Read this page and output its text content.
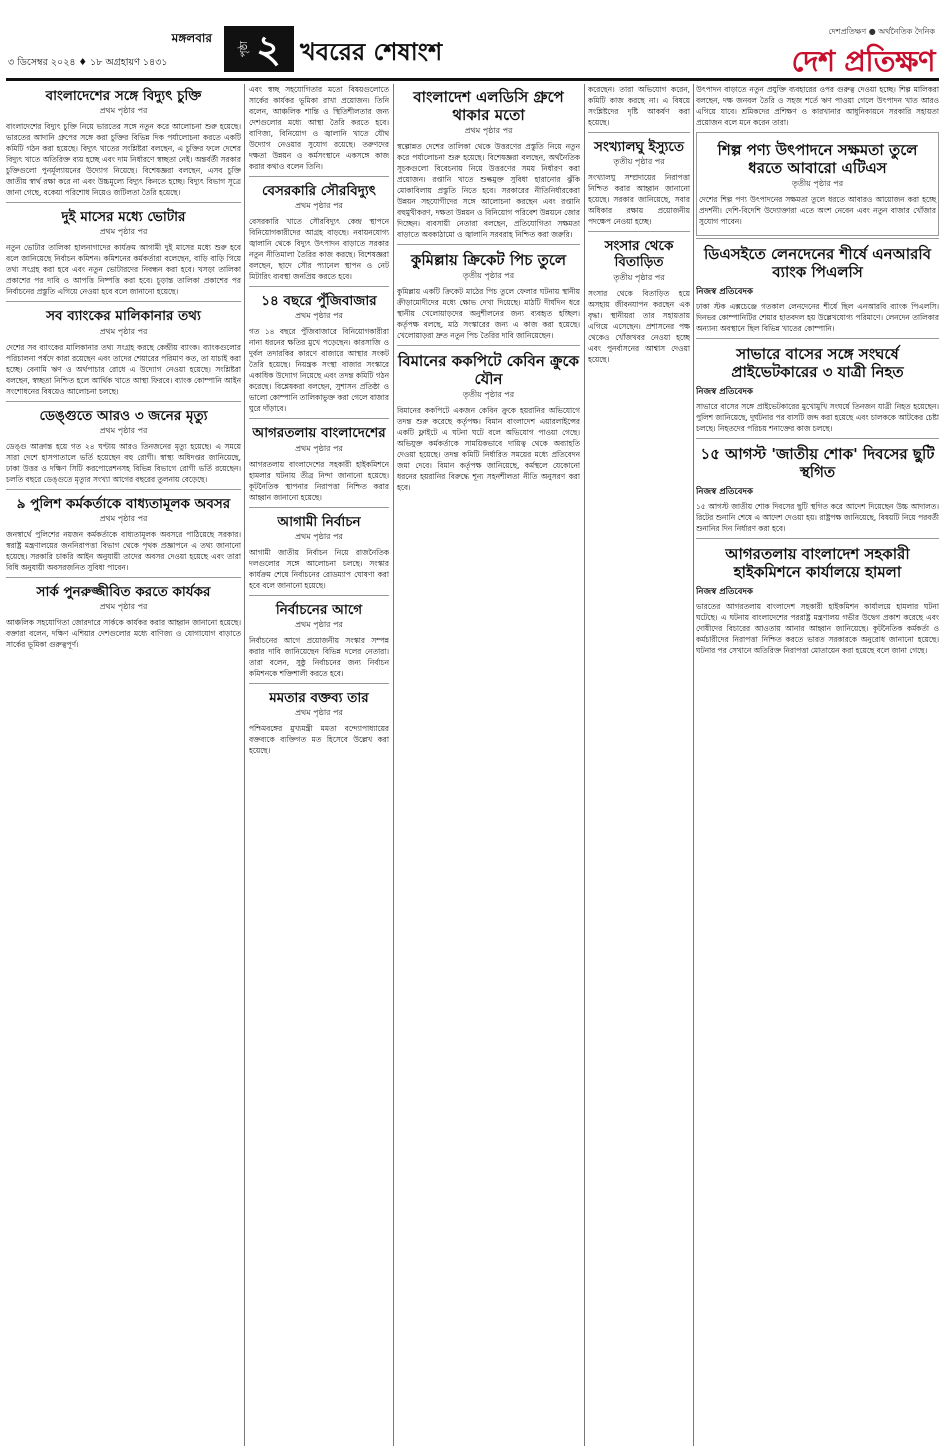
মঙ্গলবার
৩ ডিসেম্বর ২০২৪ ♦ ১৮ অগ্রহায়ণ ১৪৩১
পৃষ্ঠা ২ খবরের শেষাংশ
দেশপ্রতিক্ষণ ● অর্থনৈতিক দৈনিক
দেশ প্রতিক্ষণ
বাংলাদেশের সঙ্গে বিদ্যুৎ চুক্তি
প্রথম পৃষ্ঠার পর

বাংলাদেশের বিদ্যুৎ চুক্তি নিয়ে ভারতের সঙ্গে নতুন করে আলোচনা শুরু হয়েছে। ভারতের আদানি গ্রুপের সঙ্গে করা চুক্তির বিভিন্ন দিক পর্যালোচনা করতে একটি কমিটি গঠন করা হয়েছে। বিদ্যুৎ খাতের সংশ্লিষ্টরা বলছেন, এ চুক্তির ফলে দেশের বিদ্যুৎ খাতে অতিরিক্ত ব্যয় হচ্ছে এবং দাম নির্ধারণে স্বচ্ছতা নেই। অন্তর্বর্তী সরকার চুক্তিগুলো পুনর্মূল্যায়নের উদ্যোগ নিয়েছে। বিশেষজ্ঞরা বলছেন, এসব চুক্তি জাতীয় স্বার্থ রক্ষা করে না এবং উচ্চমূল্যে বিদ্যুৎ কিনতে হচ্ছে। বিদ্যুৎ বিভাগ সূত্রে জানা গেছে, বকেয়া পরিশোধ নিয়েও জটিলতা তৈরি হয়েছে।

দুই মাসের মধ্যে ভোটার
প্রথম পৃষ্ঠার পর

নতুন ভোটার তালিকা হালনাগাদের কার্যক্রম আগামী দুই মাসের মধ্যে শুরু হবে বলে জানিয়েছে নির্বাচন কমিশন। কমিশনের কর্মকর্তারা বলেছেন, বাড়ি বাড়ি গিয়ে তথ্য সংগ্রহ করা হবে এবং নতুন ভোটারদের নিবন্ধন করা হবে। খসড়া তালিকা প্রকাশের পর দাবি ও আপত্তি নিষ্পত্তি করা হবে। চূড়ান্ত তালিকা প্রকাশের পর নির্বাচনের প্রস্তুতি এগিয়ে নেওয়া হবে বলে জানানো হয়েছে।

সব ব্যাংকের মালিকানার তথ্য
প্রথম পৃষ্ঠার পর

দেশের সব ব্যাংকের মালিকানার তথ্য সংগ্রহ করছে কেন্দ্রীয় ব্যাংক। ব্যাংকগুলোর পরিচালনা পর্ষদে কারা রয়েছেন এবং তাদের শেয়ারের পরিমাণ কত, তা যাচাই করা হচ্ছে। বেনামি ঋণ ও অর্থপাচার রোধে এ উদ্যোগ নেওয়া হয়েছে। সংশ্লিষ্টরা বলছেন, স্বচ্ছতা নিশ্চিত হলে আর্থিক খাতে আস্থা ফিরবে। ব্যাংক কোম্পানি আইন সংশোধনের বিষয়েও আলোচনা চলছে।

ডেঙ্গুতে আরও ৩ জনের মৃত্যু
প্রথম পৃষ্ঠার পর

ডেঙ্গু আক্রান্ত হয়ে গত ২৪ ঘণ্টায় আরও তিনজনের মৃত্যু হয়েছে। এ সময়ে সারা দেশে হাসপাতালে ভর্তি হয়েছেন বহু রোগী। স্বাস্থ্য অধিদপ্তর জানিয়েছে, ঢাকা উত্তর ও দক্ষিণ সিটি করপোরেশনসহ বিভিন্ন বিভাগে রোগী ভর্তি রয়েছেন। চলতি বছরে ডেঙ্গুতে মৃত্যুর সংখ্যা আগের বছরের তুলনায় বেড়েছে।

৯ পুলিশ কর্মকর্তাকে বাধ্যতামূলক অবসর
প্রথম পৃষ্ঠার পর

জনস্বার্থে পুলিশের নয়জন কর্মকর্তাকে বাধ্যতামূলক অবসরে পাঠিয়েছে সরকার। স্বরাষ্ট্র মন্ত্রণালয়ের জননিরাপত্তা বিভাগ থেকে পৃথক প্রজ্ঞাপনে এ তথ্য জানানো হয়েছে। সরকারি চাকরি আইন অনুযায়ী তাদের অবসর দেওয়া হয়েছে এবং তারা বিধি অনুযায়ী অবসরজনিত সুবিধা পাবেন।

সার্ক পুনরুজ্জীবিত করতে কার্যকর
প্রথম পৃষ্ঠার পর

আঞ্চলিক সহযোগিতা জোরদারে সার্ককে কার্যকর করার আহ্বান জানানো হয়েছে। বক্তারা বলেন, দক্ষিণ এশিয়ার দেশগুলোর মধ্যে বাণিজ্য ও যোগাযোগ বাড়াতে সার্কের ভূমিকা গুরুত্বপূর্ণ।

এবং স্বচ্ছ সহযোগিতার মতো বিষয়গুলোতে সার্কের কার্যকর ভূমিকা রাখা প্রয়োজন। তিনি বলেন, আঞ্চলিক শান্তি ও স্থিতিশীলতার জন্য দেশগুলোর মধ্যে আস্থা তৈরি করতে হবে। বাণিজ্য, বিনিয়োগ ও জ্বালানি খাতে যৌথ উদ্যোগ নেওয়ার সুযোগ রয়েছে। তরুণদের দক্ষতা উন্নয়ন ও কর্মসংস্থানে একসঙ্গে কাজ করার কথাও বলেন তিনি।

বেসরকারি সৌরবিদ্যুৎ
প্রথম পৃষ্ঠার পর

বেসরকারি খাতে সৌরবিদ্যুৎ কেন্দ্র স্থাপনে বিনিয়োগকারীদের আগ্রহ বাড়ছে। নবায়নযোগ্য জ্বালানি থেকে বিদ্যুৎ উৎপাদন বাড়াতে সরকার নতুন নীতিমালা তৈরির কাজ করছে। বিশেষজ্ঞরা বলছেন, ছাদে সৌর প্যানেল স্থাপন ও নেট মিটারিং ব্যবস্থা জনপ্রিয় করতে হবে।

১৪ বছরে পুঁজিবাজার
প্রথম পৃষ্ঠার পর

গত ১৪ বছরে পুঁজিবাজারে বিনিয়োগকারীরা নানা ধরনের ক্ষতির মুখে পড়েছেন। কারসাজি ও দুর্বল তদারকির কারণে বাজারে আস্থার সংকট তৈরি হয়েছে। নিয়ন্ত্রক সংস্থা বাজার সংস্কারে একাধিক উদ্যোগ নিয়েছে এবং তদন্ত কমিটি গঠন করেছে। বিশ্লেষকরা বলছেন, সুশাসন প্রতিষ্ঠা ও ভালো কোম্পানি তালিকাভুক্ত করা গেলে বাজার ঘুরে দাঁড়াবে।

আগরতলায় বাংলাদেশের
প্রথম পৃষ্ঠার পর

আগরতলায় বাংলাদেশের সহকারী হাইকমিশনে হামলার ঘটনায় তীব্র নিন্দা জানানো হয়েছে। কূটনৈতিক স্থাপনার নিরাপত্তা নিশ্চিত করার আহ্বান জানানো হয়েছে।

আগামী নির্বাচন
প্রথম পৃষ্ঠার পর

আগামী জাতীয় নির্বাচন নিয়ে রাজনৈতিক দলগুলোর সঙ্গে আলোচনা চলছে। সংস্কার কার্যক্রম শেষে নির্বাচনের রোডম্যাপ ঘোষণা করা হবে বলে জানানো হয়েছে।

নির্বাচনের আগে
প্রথম পৃষ্ঠার পর

নির্বাচনের আগে প্রয়োজনীয় সংস্কার সম্পন্ন করার দাবি জানিয়েছেন বিভিন্ন দলের নেতারা। তারা বলেন, সুষ্ঠু নির্বাচনের জন্য নির্বাচন কমিশনকে শক্তিশালী করতে হবে।

মমতার বক্তব্য তার
প্রথম পৃষ্ঠার পর

পশ্চিমবঙ্গের মুখ্যমন্ত্রী মমতা বন্দ্যোপাধ্যায়ের বক্তব্যকে ব্যক্তিগত মত হিসেবে উল্লেখ করা হয়েছে।

বাংলাদেশ এলডিসি গ্রুপে থাকার মতো
প্রথম পৃষ্ঠার পর

স্বল্পোন্নত দেশের তালিকা থেকে উত্তরণের প্রস্তুতি নিয়ে নতুন করে পর্যালোচনা শুরু হয়েছে। বিশেষজ্ঞরা বলছেন, অর্থনৈতিক সূচকগুলো বিবেচনায় নিয়ে উত্তরণের সময় নির্ধারণ করা প্রয়োজন। রপ্তানি খাতে শুল্কমুক্ত সুবিধা হারানোর ঝুঁকি মোকাবিলায় প্রস্তুতি নিতে হবে। সরকারের নীতিনির্ধারকেরা উন্নয়ন সহযোগীদের সঙ্গে আলোচনা করছেন এবং রপ্তানি বহুমুখীকরণ, দক্ষতা উন্নয়ন ও বিনিয়োগ পরিবেশ উন্নয়নে জোর দিচ্ছেন। ব্যবসায়ী নেতারা বলছেন, প্রতিযোগিতা সক্ষমতা বাড়াতে অবকাঠামো ও জ্বালানি সরবরাহ নিশ্চিত করা জরুরি।

কুমিল্লায় ক্রিকেট পিচ তুলে
তৃতীয় পৃষ্ঠার পর

কুমিল্লায় একটি ক্রিকেট মাঠের পিচ তুলে ফেলার ঘটনায় স্থানীয় ক্রীড়ামোদীদের মধ্যে ক্ষোভ দেখা দিয়েছে। মাঠটি দীর্ঘদিন ধরে স্থানীয় খেলোয়াড়দের অনুশীলনের জন্য ব্যবহৃত হচ্ছিল। কর্তৃপক্ষ বলছে, মাঠ সংস্কারের জন্য এ কাজ করা হয়েছে। খেলোয়াড়রা দ্রুত নতুন পিচ তৈরির দাবি জানিয়েছেন।

বিমানের ককপিটে কেবিন ক্রুকে যৌন
তৃতীয় পৃষ্ঠার পর

বিমানের ককপিটে একজন কেবিন ক্রুকে হয়রানির অভিযোগে তদন্ত শুরু করেছে কর্তৃপক্ষ। বিমান বাংলাদেশ এয়ারলাইন্সের একটি ফ্লাইটে এ ঘটনা ঘটে বলে অভিযোগ পাওয়া গেছে। অভিযুক্ত কর্মকর্তাকে সাময়িকভাবে দায়িত্ব থেকে অব্যাহতি দেওয়া হয়েছে। তদন্ত কমিটি নির্ধারিত সময়ের মধ্যে প্রতিবেদন জমা দেবে। বিমান কর্তৃপক্ষ জানিয়েছে, কর্মস্থলে যেকোনো ধরনের হয়রানির বিরুদ্ধে শূন্য সহনশীলতা নীতি অনুসরণ করা হবে।

করেছেন। তারা অভিযোগ করেন, কমিটি কাজ করছে না। এ বিষয়ে সংশ্লিষ্টদের দৃষ্টি আকর্ষণ করা হয়েছে।

সংখ্যালঘু ইস্যুতে
তৃতীয় পৃষ্ঠার পর

সংখ্যালঘু সম্প্রদায়ের নিরাপত্তা নিশ্চিত করার আহ্বান জানানো হয়েছে। সরকার জানিয়েছে, সবার অধিকার রক্ষায় প্রয়োজনীয় পদক্ষেপ নেওয়া হচ্ছে।

সংসার থেকে বিতাড়িত
তৃতীয় পৃষ্ঠার পর

সংসার থেকে বিতাড়িত হয়ে অসহায় জীবনযাপন করছেন এক বৃদ্ধা। স্থানীয়রা তার সহায়তায় এগিয়ে এসেছেন। প্রশাসনের পক্ষ থেকেও খোঁজখবর নেওয়া হচ্ছে এবং পুনর্বাসনের আশ্বাস দেওয়া হয়েছে।

উৎপাদন বাড়াতে নতুন প্রযুক্তি ব্যবহারের ওপর গুরুত্ব দেওয়া হচ্ছে। শিল্প মালিকরা বলছেন, দক্ষ জনবল তৈরি ও সহজ শর্তে ঋণ পাওয়া গেলে উৎপাদন খাত আরও এগিয়ে যাবে। শ্রমিকদের প্রশিক্ষণ ও কারখানার আধুনিকায়নে সরকারি সহায়তা প্রয়োজন বলে মনে করেন তারা।

শিল্প পণ্য উৎপাদনে সক্ষমতা তুলে ধরতে আবারো এটিএস
তৃতীয় পৃষ্ঠার পর

দেশের শিল্প পণ্য উৎপাদনের সক্ষমতা তুলে ধরতে আবারও আয়োজন করা হচ্ছে প্রদর্শনী। দেশি-বিদেশি উদ্যোক্তারা এতে অংশ নেবেন এবং নতুন বাজার খোঁজার সুযোগ পাবেন।

ডিএসইতে লেনদেনের শীর্ষে এনআরবি ব্যাংক পিএলসি
নিজস্ব প্রতিবেদক

ঢাকা স্টক এক্সচেঞ্জে গতকাল লেনদেনের শীর্ষে ছিল এনআরবি ব্যাংক পিএলসি। দিনভর কোম্পানিটির শেয়ার হাতবদল হয় উল্লেখযোগ্য পরিমাণে। লেনদেন তালিকার অন্যান্য অবস্থানে ছিল বিভিন্ন খাতের কোম্পানি।

সাভারে বাসের সঙ্গে সংঘর্ষে প্রাইভেটকারের ৩ যাত্রী নিহত
নিজস্ব প্রতিবেদক

সাভারে বাসের সঙ্গে প্রাইভেটকারের মুখোমুখি সংঘর্ষে তিনজন যাত্রী নিহত হয়েছেন। পুলিশ জানিয়েছে, দুর্ঘটনার পর বাসটি জব্দ করা হয়েছে এবং চালককে আটকের চেষ্টা চলছে। নিহতদের পরিচয় শনাক্তের কাজ চলছে।

১৫ আগস্ট 'জাতীয় শোক' দিবসের ছুটি স্থগিত
নিজস্ব প্রতিবেদক

১৫ আগস্ট জাতীয় শোক দিবসের ছুটি স্থগিত করে আদেশ দিয়েছেন উচ্চ আদালত। রিটের শুনানি শেষে এ আদেশ দেওয়া হয়। রাষ্ট্রপক্ষ জানিয়েছে, বিষয়টি নিয়ে পরবর্তী শুনানির দিন নির্ধারণ করা হবে।

আগরতলায় বাংলাদেশ সহকারী হাইকমিশনে কার্যালয়ে হামলা
নিজস্ব প্রতিবেদক

ভারতের আগরতলায় বাংলাদেশ সহকারী হাইকমিশন কার্যালয়ে হামলার ঘটনা ঘটেছে। এ ঘটনায় বাংলাদেশের পররাষ্ট্র মন্ত্রণালয় গভীর উদ্বেগ প্রকাশ করেছে এবং দোষীদের বিচারের আওতায় আনার আহ্বান জানিয়েছে। কূটনৈতিক কর্মকর্তা ও কর্মচারীদের নিরাপত্তা নিশ্চিত করতে ভারত সরকারকে অনুরোধ জানানো হয়েছে। ঘটনার পর সেখানে অতিরিক্ত নিরাপত্তা মোতায়েন করা হয়েছে বলে জানা গেছে।
